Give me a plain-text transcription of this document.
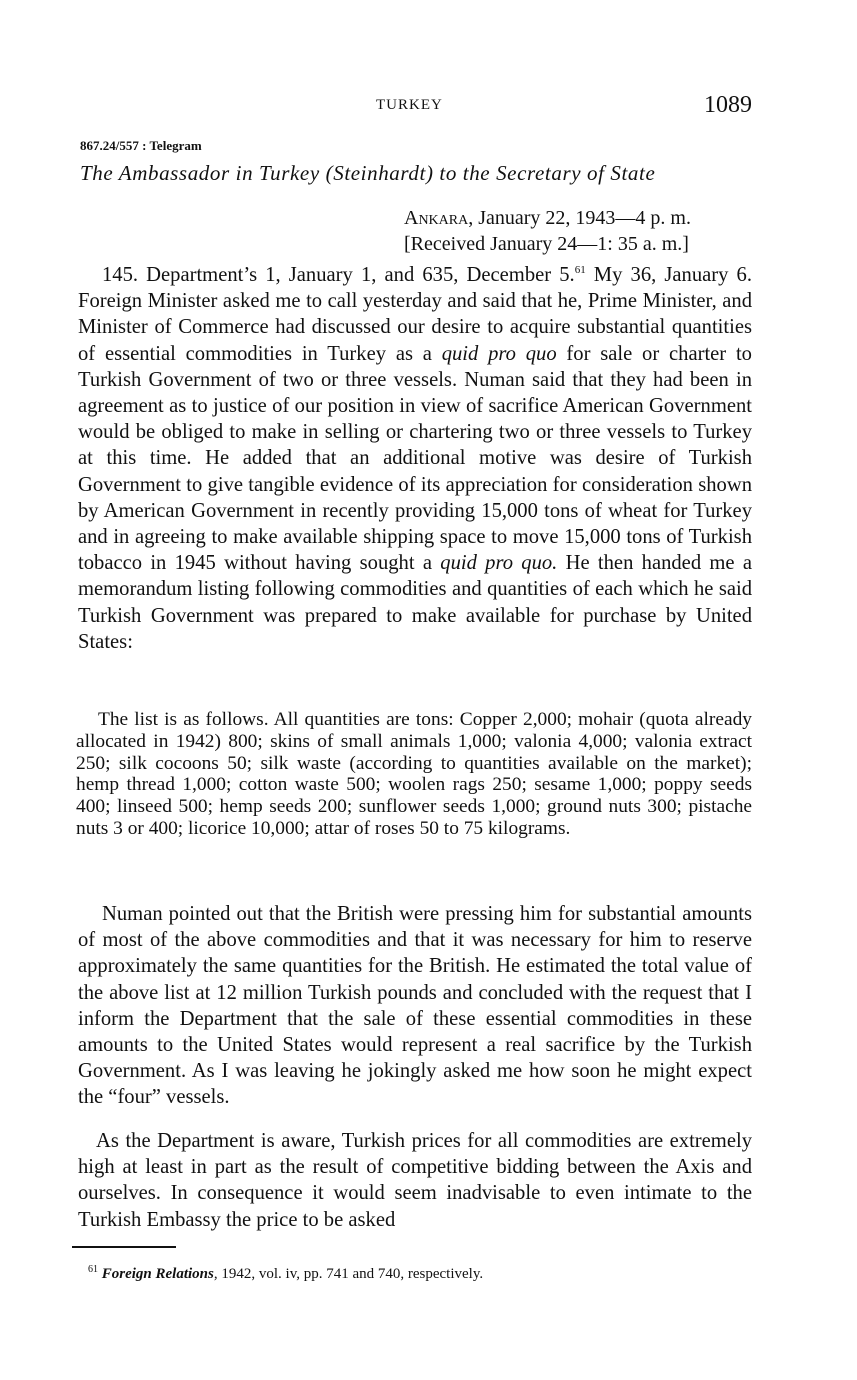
TURKEY	1089
867.24/557 : Telegram
The Ambassador in Turkey (Steinhardt) to the Secretary of State
Ankara, January 22, 1943—4 p. m.
[Received January 24—1: 35 a. m.]

145. Department’s 1, January 1, and 635, December 5.61 My 36, January 6. Foreign Minister asked me to call yesterday and said that he, Prime Minister, and Minister of Commerce had discussed our desire to acquire substantial quantities of essential commodities in Turkey as a quid pro quo for sale or charter to Turkish Government of two or three vessels. Numan said that they had been in agreement as to justice of our position in view of sacrifice American Government would be obliged to make in selling or chartering two or three vessels to Turkey at this time. He added that an additional motive was desire of Turkish Government to give tangible evidence of its appreciation for consideration shown by American Government in recently providing 15,000 tons of wheat for Turkey and in agreeing to make available shipping space to move 15,000 tons of Turkish tobacco in 1945 without having sought a quid pro quo. He then handed me a memorandum listing following commodities and quantities of each which he said Turkish Government was prepared to make available for purchase by United States:

The list is as follows. All quantities are tons: Copper 2,000; mohair (quota already allocated in 1942) 800; skins of small animals 1,000; valonia 4,000; valonia extract 250; silk cocoons 50; silk waste (according to quantities available on the market); hemp thread 1,000; cotton waste 500; woolen rags 250; sesame 1,000; poppy seeds 400; linseed 500; hemp seeds 200; sunflower seeds 1,000; ground nuts 300; pistache nuts 3 or 400; licorice 10,000; attar of roses 50 to 75 kilograms.

Numan pointed out that the British were pressing him for substantial amounts of most of the above commodities and that it was necessary for him to reserve approximately the same quantities for the British. He estimated the total value of the above list at 12 million Turkish pounds and concluded with the request that I inform the Department that the sale of these essential commodities in these amounts to the United States would represent a real sacrifice by the Turkish Government. As I was leaving he jokingly asked me how soon he might expect the “four” vessels.

As the Department is aware, Turkish prices for all commodities are extremely high at least in part as the result of competitive bidding between the Axis and ourselves. In consequence it would seem inadvisable to even intimate to the Turkish Embassy the price to be asked

$^{61}$ Foreign Relations, 1942, vol. iv, pp. 741 and 740, respectively.
